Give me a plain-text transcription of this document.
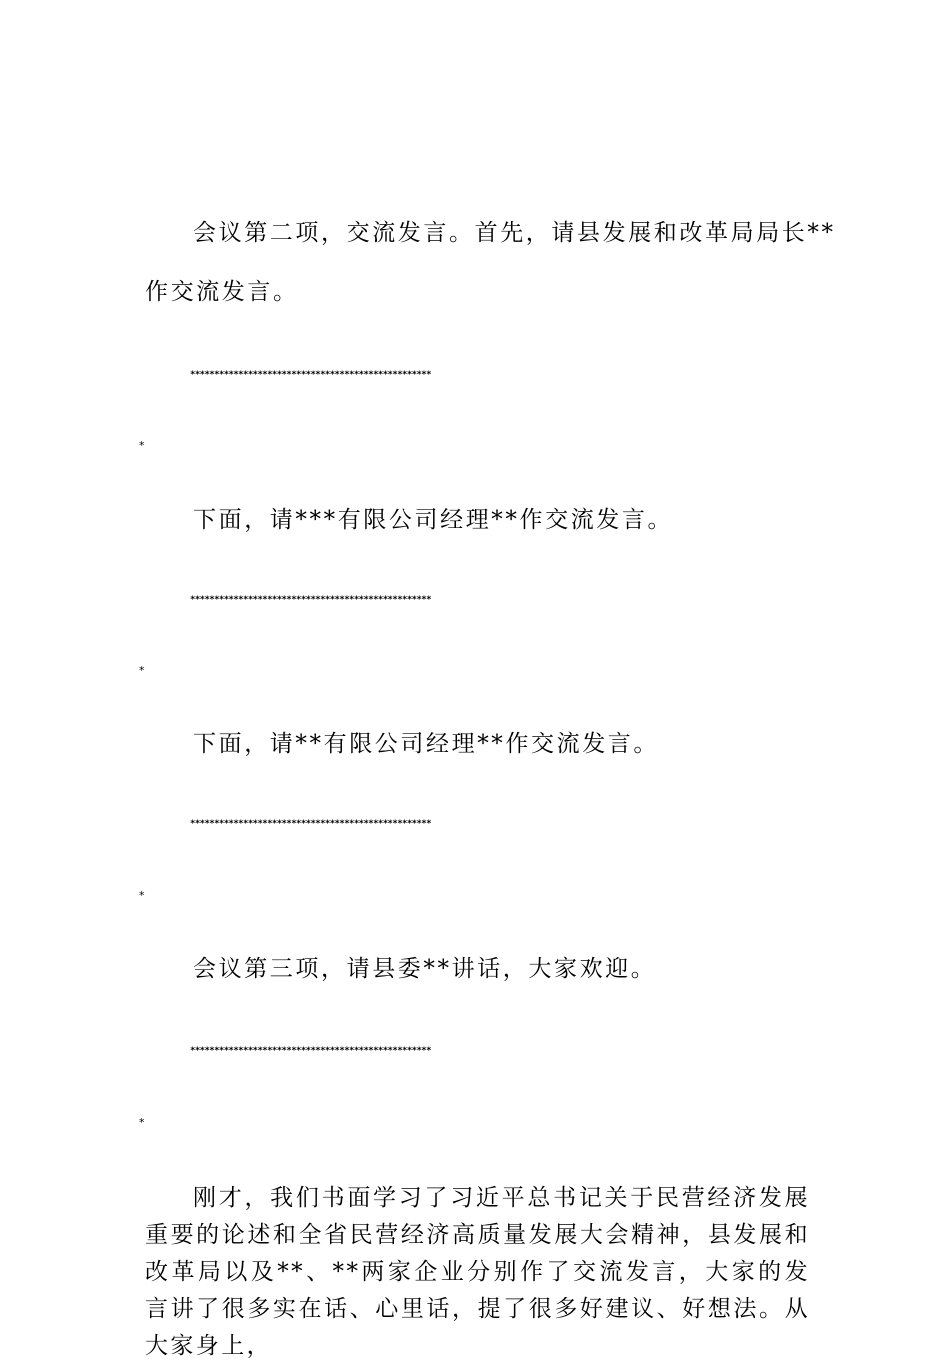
会议第二项，交流发言。首先，请县发展和改革局局长**
作交流发言。
**************************************************
*
下面，请***有限公司经理**作交流发言。
**************************************************
*
下面，请**有限公司经理**作交流发言。
**************************************************
*
会议第三项，请县委**讲话，大家欢迎。
**************************************************
*
刚才，我们书面学习了习近平总书记关于民营经济发展重要的论述和全省民营经济高质量发展大会精神，县发展和改革局以及**、**两家企业分别作了交流发言，大家的发言讲了很多实在话、心里话，提了很多好建议、好想法。从大家身上，
